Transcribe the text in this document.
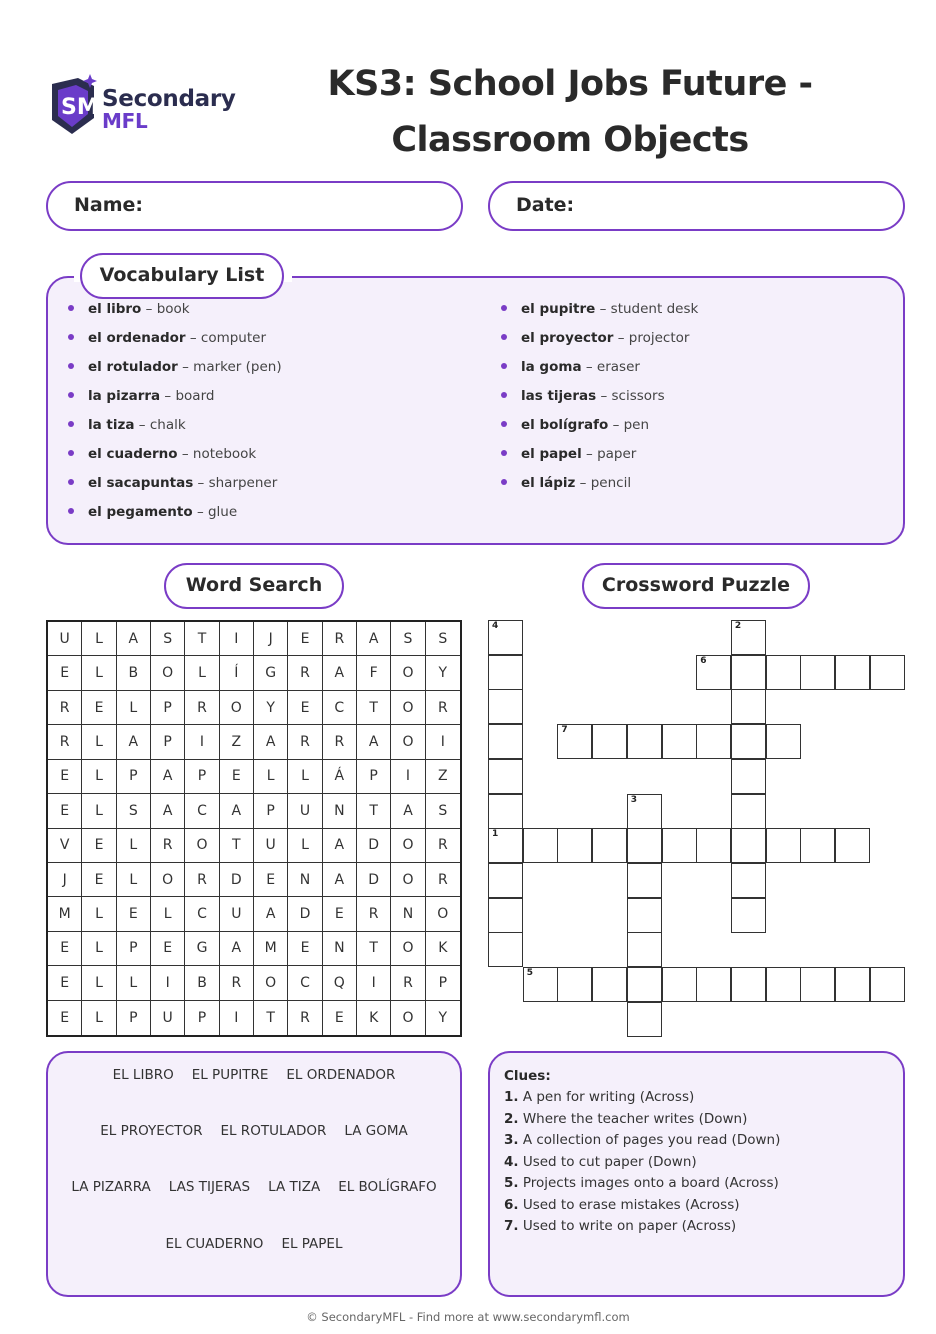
SM Secondary
MFL
KS3: School Jobs Future -
Classroom Objects
Name:	Date:
Vocabulary List
el libro – book
el ordenador – computer
el rotulador – marker (pen)
la pizarra – board
la tiza – chalk
el cuaderno – notebook
el sacapuntas – sharpener
el pegamento – glue
el pupitre – student desk
el proyector – projector
la goma – eraser
las tijeras – scissors
el bolígrafo – pen
el papel – paper
el lápiz – pencil
Word Search	Crossword Puzzle
U	L	A	S	T	I	J	E	R	A	S	S
E	L	B	O	L	Í	G	R	A	F	O	Y
R	E	L	P	R	O	Y	E	C	T	O	R
R	L	A	P	I	Z	A	R	R	A	O	I
E	L	P	A	P	E	L	L	Á	P	I	Z
E	L	S	A	C	A	P	U	N	T	A	S
V	E	L	R	O	T	U	L	A	D	O	R
J	E	L	O	R	D	E	N	A	D	O	R
M	L	E	L	C	U	A	D	E	R	N	O
E	L	P	E	G	A	M	E	N	T	O	K
E	L	L	I	B	R	O	C	Q	I	R	P
E	L	P	U	P	I	T	R	E	K	O	Y
1
2
3
4
5
6
7
EL LIBRO EL PUPITRE EL ORDENADOR
EL PROYECTOR EL ROTULADOR LA GOMA
LA PIZARRA LAS TIJERAS LA TIZA EL BOLÍGRAFO
EL CUADERNO EL PAPEL
Clues:
1. A pen for writing (Across)
2. Where the teacher writes (Down)
3. A collection of pages you read (Down)
4. Used to cut paper (Down)
5. Projects images onto a board (Across)
6. Used to erase mistakes (Across)
7. Used to write on paper (Across)
© SecondaryMFL - Find more at www.secondarymfl.com
